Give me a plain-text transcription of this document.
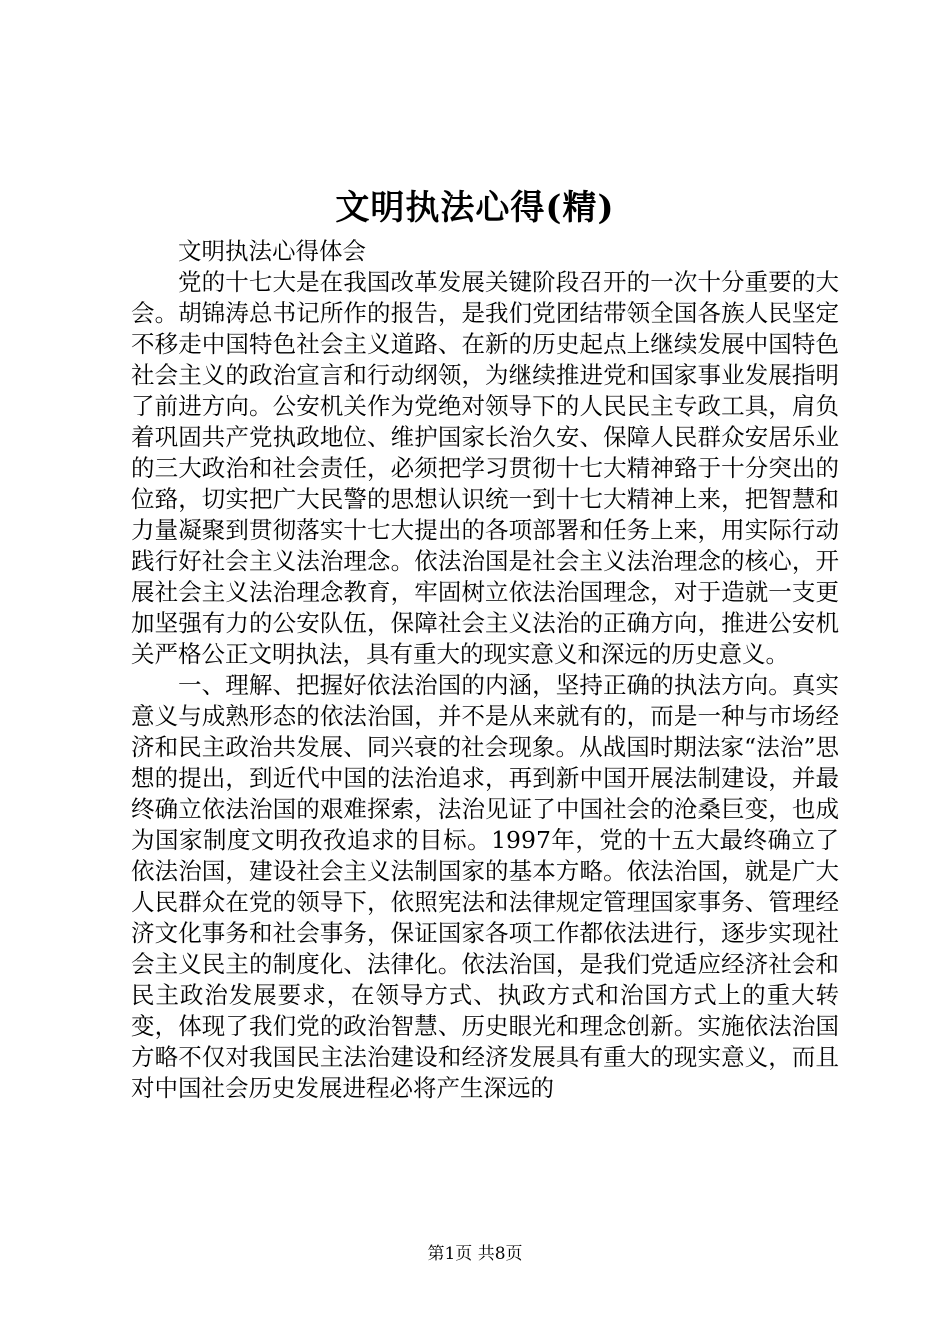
文明执法心得(精)

文明执法心得体会

党的十七大是在我国改革发展关键阶段召开的一次十分重要的大会。胡锦涛总书记所作的报告，是我们党团结带领全国各族人民坚定不移走中国特色社会主义道路、在新的历史起点上继续发展中国特色社会主义的政治宣言和行动纲领，为继续推进党和国家事业发展指明了前进方向。公安机关作为党绝对领导下的人民民主专政工具，肩负着巩固共产党执政地位、维护国家长治久安、保障人民群众安居乐业的三大政治和社会责任，必须把学习贯彻十七大精神臵于十分突出的位臵，切实把广大民警的思想认识统一到十七大精神上来，把智慧和力量凝聚到贯彻落实十七大提出的各项部署和任务上来，用实际行动践行好社会主义法治理念。依法治国是社会主义法治理念的核心，开展社会主义法治理念教育，牢固树立依法治国理念，对于造就一支更加坚强有力的公安队伍，保障社会主义法治的正确方向，推进公安机关严格公正文明执法，具有重大的现实意义和深远的历史意义。

一、理解、把握好依法治国的内涵，坚持正确的执法方向。真实意义与成熟形态的依法治国，并不是从来就有的，而是一种与市场经济和民主政治共发展、同兴衰的社会现象。从战国时期法家“法治”思想的提出，到近代中国的法治追求，再到新中国开展法制建设，并最终确立依法治国的艰难探索，法治见证了中国社会的沧桑巨变，也成为国家制度文明孜孜追求的目标。1997年，党的十五大最终确立了依法治国，建设社会主义法制国家的基本方略。依法治国，就是广大人民群众在党的领导下，依照宪法和法律规定管理国家事务、管理经济文化事务和社会事务，保证国家各项工作都依法进行，逐步实现社会主义民主的制度化、法律化。依法治国，是我们党适应经济社会和民主政治发展要求，在领导方式、执政方式和治国方式上的重大转变，体现了我们党的政治智慧、历史眼光和理念创新。实施依法治国方略不仅对我国民主法治建设和经济发展具有重大的现实意义，而且对中国社会历史发展进程必将产生深远的

第1页 共8页
